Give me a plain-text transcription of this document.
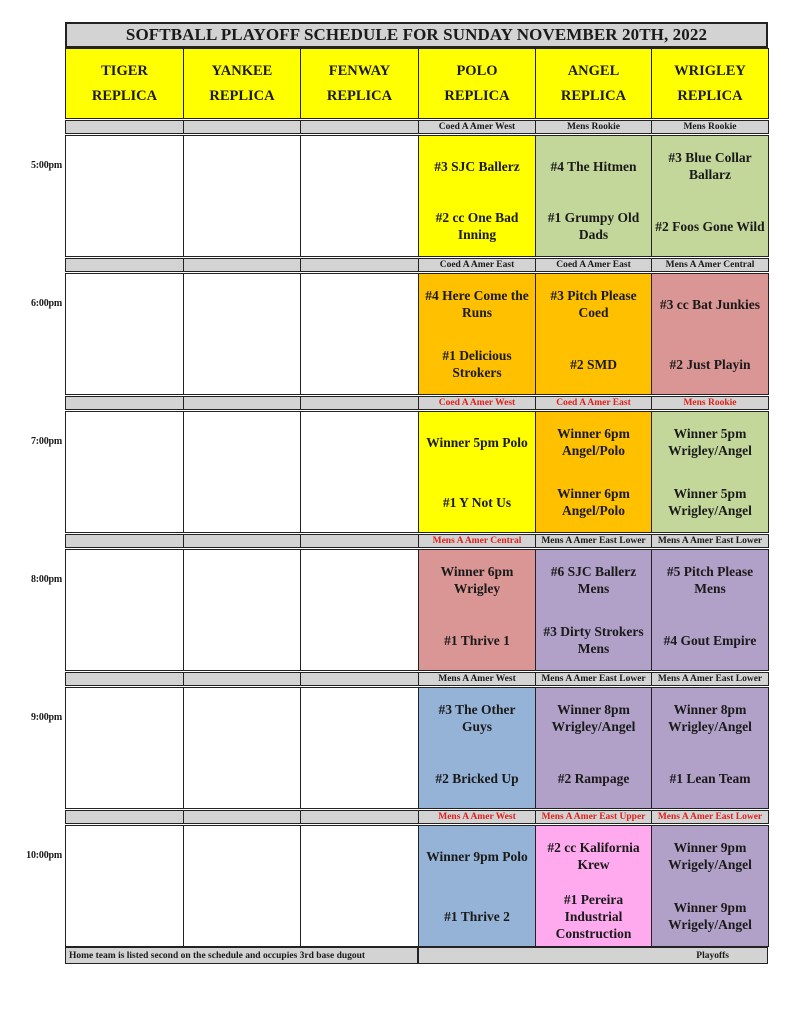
SOFTBALL PLAYOFF SCHEDULE FOR SUNDAY NOVEMBER 20TH, 2022
TIGER
REPLICA
YANKEE
REPLICA
FENWAY
REPLICA
POLO
REPLICA
ANGEL
REPLICA
WRIGLEY
REPLICA
5:00pm
Coed A Amer West
#3 SJC Ballerz
#2 cc One Bad Inning
Mens Rookie
#4 The Hitmen
#1 Grumpy Old Dads
Mens Rookie
#3 Blue Collar Ballarz
#2 Foos Gone Wild
6:00pm
Coed A Amer East
#4 Here Come the Runs
#1 Delicious Strokers
Coed A Amer East
#3 Pitch Please Coed
#2 SMD
Mens A Amer Central
#3 cc Bat Junkies
#2 Just Playin
7:00pm
Coed A Amer West
Winner 5pm Polo
#1 Y Not Us
Coed A Amer East
Winner 6pm Angel/Polo
Winner 6pm Angel/Polo
Mens Rookie
Winner 5pm Wrigley/Angel
Winner 5pm Wrigley/Angel
8:00pm
Mens A Amer Central
Winner 6pm Wrigley
#1 Thrive 1
Mens A Amer East Lower
#6 SJC Ballerz Mens
#3 Dirty Strokers Mens
Mens A Amer East Lower
#5 Pitch Please Mens
#4 Gout Empire
9:00pm
Mens A Amer West
#3 The Other Guys
#2 Bricked Up
Mens A Amer East Lower
Winner 8pm Wrigley/Angel
#2 Rampage
Mens A Amer East Lower
Winner 8pm Wrigley/Angel
#1 Lean Team
10:00pm
Mens A Amer West
Winner 9pm Polo
#1 Thrive 2
Mens A Amer East Upper
#2 cc Kalifornia Krew
#1 Pereira Industrial Construction
Mens A Amer East Lower
Winner 9pm Wrigely/Angel
Winner 9pm Wrigely/Angel
Home team is listed second on the schedule and occupies 3rd base dugout	Playoffs
